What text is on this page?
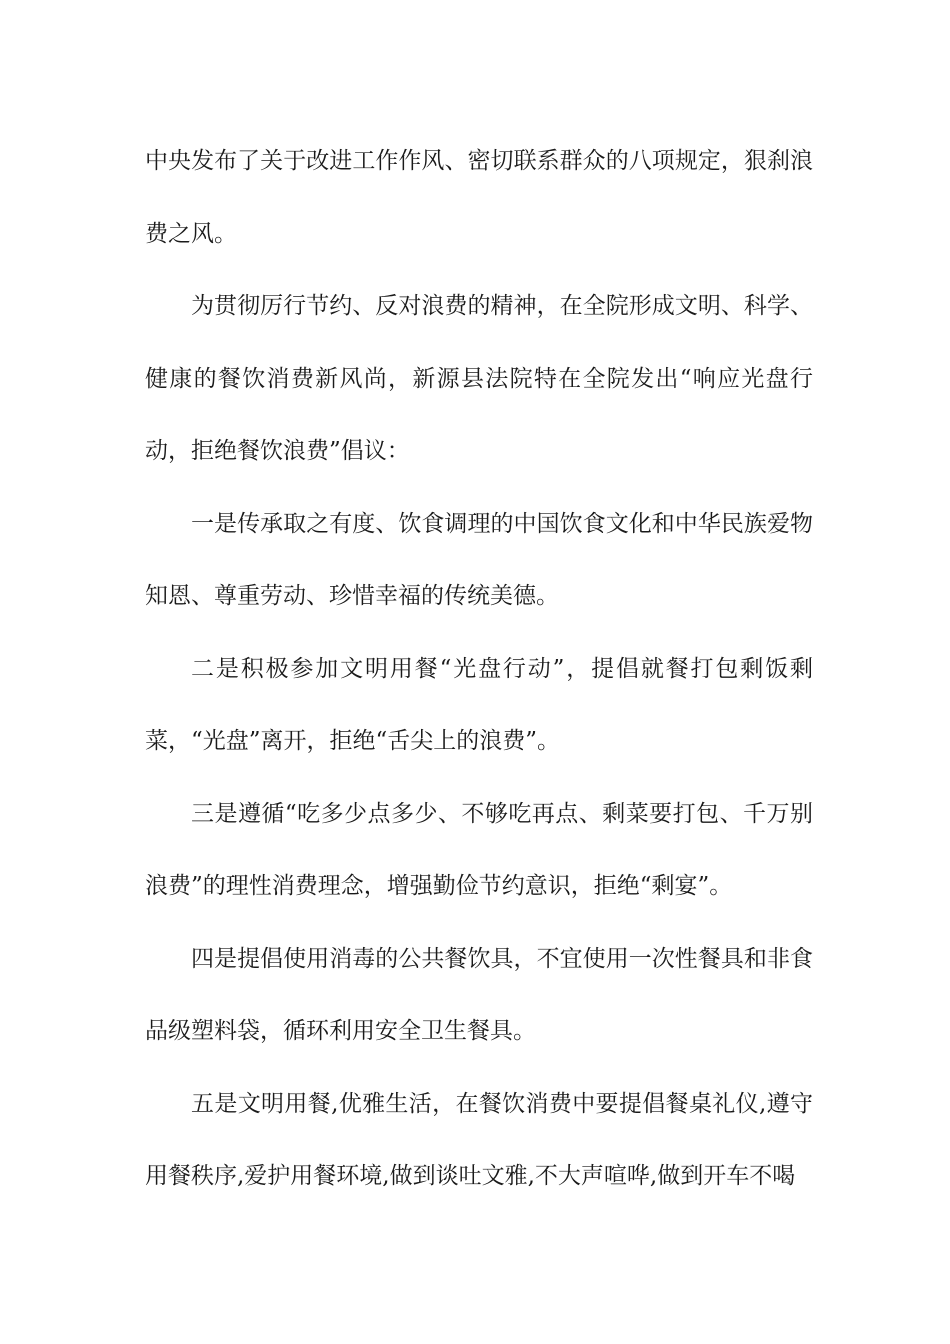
中央发布了关于改进工作作风、密切联系群众的八项规定，狠刹浪费之风。

为贯彻厉行节约、反对浪费的精神，在全院形成文明、科学、健康的餐饮消费新风尚，新源县法院特在全院发出“响应光盘行动，拒绝餐饮浪费”倡议：

一是传承取之有度、饮食调理的中国饮食文化和中华民族爱物知恩、尊重劳动、珍惜幸福的传统美德。

二是积极参加文明用餐“光盘行动”，提倡就餐打包剩饭剩菜，“光盘”离开，拒绝“舌尖上的浪费”。

三是遵循“吃多少点多少、不够吃再点、剩菜要打包、千万别浪费”的理性消费理念，增强勤俭节约意识，拒绝“剩宴”。

四是提倡使用消毒的公共餐饮具，不宜使用一次性餐具和非食品级塑料袋，循环利用安全卫生餐具。

五是文明用餐,优雅生活，在餐饮消费中要提倡餐桌礼仪,遵守用餐秩序,爱护用餐环境,做到谈吐文雅,不大声喧哗,做到开车不喝
